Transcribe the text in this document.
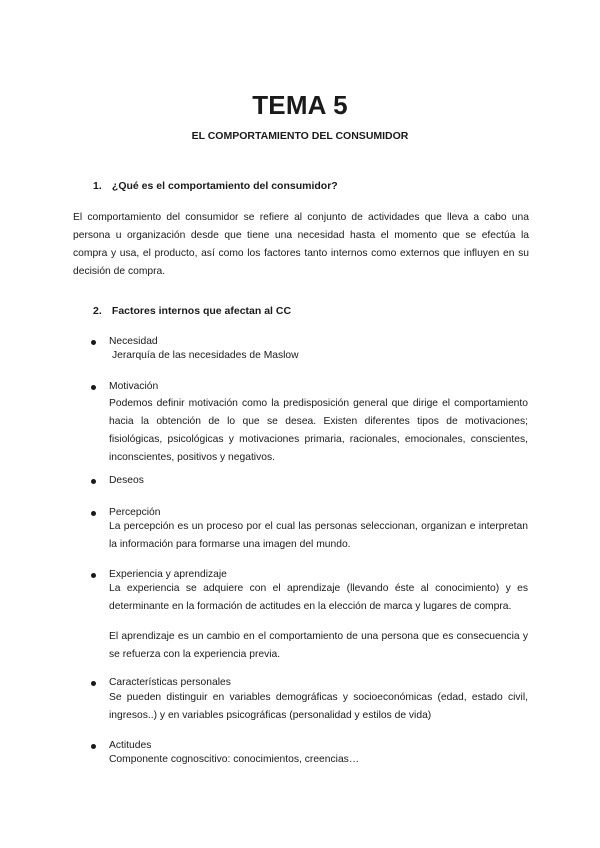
TEMA 5
EL COMPORTAMIENTO DEL CONSUMIDOR
1. ¿Qué es el comportamiento del consumidor?
El comportamiento del consumidor se refiere al conjunto de actividades que lleva a cabo una persona u organización desde que tiene una necesidad hasta el momento que se efectúa la compra y usa, el producto, así como los factores tanto internos como externos que influyen en su decisión de compra.
2. Factores internos que afectan al CC
Necesidad
Jerarquía de las necesidades de Maslow
Motivación
Podemos definir motivación como la predisposición general que dirige el comportamiento hacia la obtención de lo que se desea. Existen diferentes tipos de motivaciones; fisiológicas, psicológicas y motivaciones primaria, racionales, emocionales, conscientes, inconscientes, positivos y negativos.
Deseos
Percepción
La percepción es un proceso por el cual las personas seleccionan, organizan e interpretan la información para formarse una imagen del mundo.
Experiencia y aprendizaje
La experiencia se adquiere con el aprendizaje (llevando éste al conocimiento) y es determinante en la formación de actitudes en la elección de marca y lugares de compra.
El aprendizaje es un cambio en el comportamiento de una persona que es consecuencia y se refuerza con la experiencia previa.
Características personales
Se pueden distinguir en variables demográficas y socioeconómicas (edad, estado civil, ingresos..) y en variables psicográficas (personalidad y estilos de vida)
Actitudes
Componente cognoscitivo: conocimientos, creencias…
